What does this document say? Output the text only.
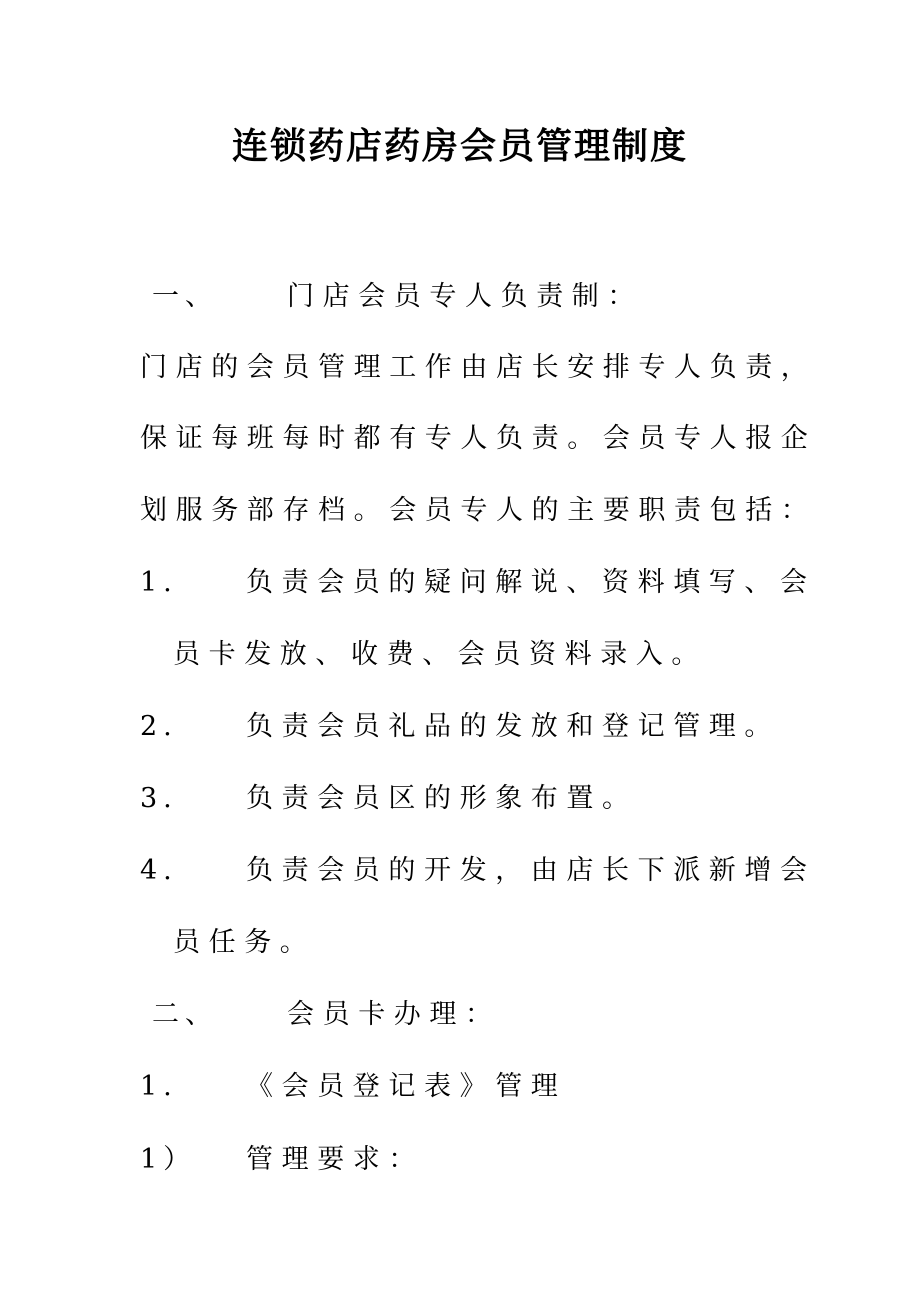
连锁药店药房会员管理制度
一、	门店会员专人负责制：
门店的会员管理工作由店长安排专人负责，
保证每班每时都有专人负责。会员专人报企
划服务部存档。会员专人的主要职责包括：
1.	负责会员的疑问解说、资料填写、会
员卡发放、收费、会员资料录入。
2.	负责会员礼品的发放和登记管理。
3.	负责会员区的形象布置。
4.	负责会员的开发，由店长下派新增会
员任务。
二、	会员卡办理：
1.	《会员登记表》管理
1） 管理要求：
